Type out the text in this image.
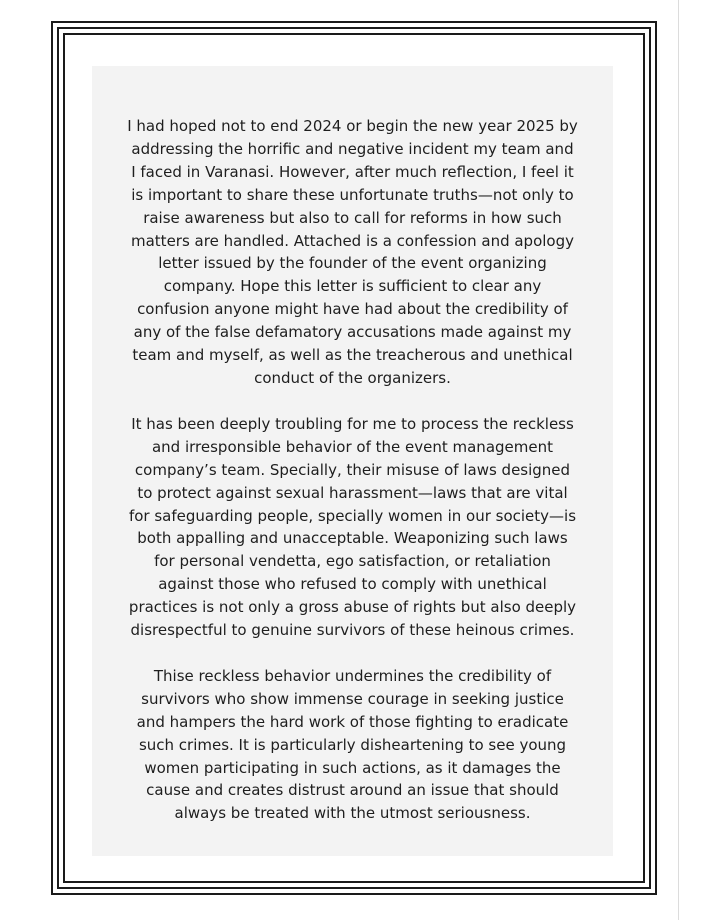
I had hoped not to end 2024 or begin the new year 2025 by
addressing the horrific and negative incident my team and
I faced in Varanasi. However, after much reflection, I feel it
is important to share these unfortunate truths—not only to
raise awareness but also to call for reforms in how such
matters are handled. Attached is a confession and apology
letter issued by the founder of the event organizing
company. Hope this letter is sufficient to clear any
confusion anyone might have had about the credibility of
any of the false defamatory accusations made against my
team and myself, as well as the treacherous and unethical
conduct of the organizers.

It has been deeply troubling for me to process the reckless
and irresponsible behavior of the event management
company’s team. Specially, their misuse of laws designed
to protect against sexual harassment—laws that are vital
for safeguarding people, specially women in our society—is
both appalling and unacceptable. Weaponizing such laws
for personal vendetta, ego satisfaction, or retaliation
against those who refused to comply with unethical
practices is not only a gross abuse of rights but also deeply
disrespectful to genuine survivors of these heinous crimes.

Thise reckless behavior undermines the credibility of
survivors who show immense courage in seeking justice
and hampers the hard work of those fighting to eradicate
such crimes. It is particularly disheartening to see young
women participating in such actions, as it damages the
cause and creates distrust around an issue that should
always be treated with the utmost seriousness.
